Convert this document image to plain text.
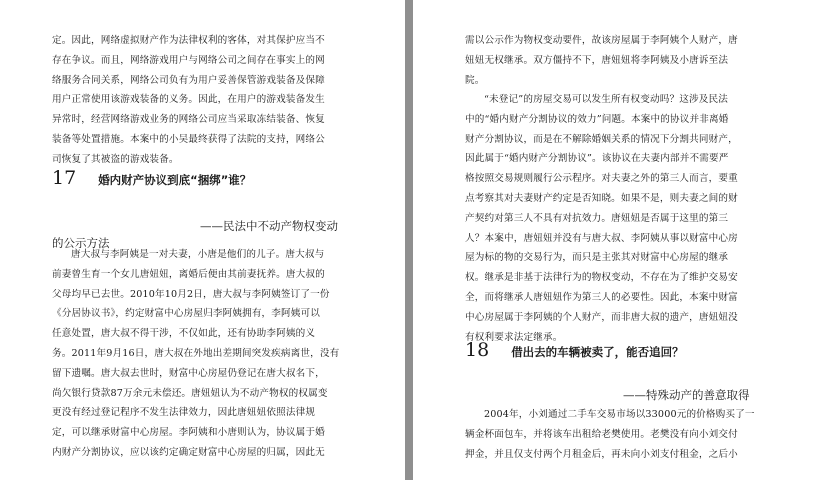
定。因此，网络虚拟财产作为法律权利的客体，对其保护应当不
存在争议。而且，网络游戏用户与网络公司之间存在事实上的网
络服务合同关系，网络公司负有为用户妥善保管游戏装备及保障
用户正常使用该游戏装备的义务。因此，在用户的游戏装备发生
异常时，经营网络游戏业务的网络公司应当采取冻结装备、恢复
装备等处置措施。本案中的小吴最终获得了法院的支持，网络公
司恢复了其被盗的游戏装备。
17 婚内财产协议到底“捆绑”谁？
——民法中不动产物权变动
的公示方法
唐大叔与李阿姨是一对夫妻，小唐是他们的儿子。唐大叔与
前妻曾生育一个女儿唐妞妞，离婚后便由其前妻抚养。唐大叔的
父母均早已去世。2010年10月2日，唐大叔与李阿姨签订了一份
《分居协议书》，约定财富中心房屋归李阿姨拥有，李阿姨可以
任意处置，唐大叔不得干涉，不仅如此，还有协助李阿姨的义
务。2011年9月16日，唐大叔在外地出差期间突发疾病离世，没有
留下遗嘱。唐大叔去世时，财富中心房屋仍登记在唐大叔名下，
尚欠银行贷款87万余元未偿还。唐妞妞认为不动产物权的权属变
更没有经过登记程序不发生法律效力，因此唐妞妞依照法律规
定，可以继承财富中心房屋。李阿姨和小唐则认为，协议属于婚
内财产分割协议，应以该约定确定财富中心房屋的归属，因此无
需以公示作为物权变动要件，故该房屋属于李阿姨个人财产，唐
妞妞无权继承。双方僵持不下，唐妞妞将李阿姨及小唐诉至法
院。
“未登记”的房屋交易可以发生所有权变动吗？这涉及民法
中的“婚内财产分割协议的效力”问题。本案中的协议并非离婚
财产分割协议，而是在不解除婚姻关系的情况下分割共同财产，
因此属于“婚内财产分割协议”。该协议在夫妻内部并不需要严
格按照交易规则履行公示程序。对夫妻之外的第三人而言，要重
点考察其对夫妻财产约定是否知晓。如果不是，则夫妻之间的财
产契约对第三人不具有对抗效力。唐妞妞是否属于这里的第三
人？本案中，唐妞妞并没有与唐大叔、李阿姨从事以财富中心房
屋为标的物的交易行为，而只是主张其对财富中心房屋的继承
权。继承是非基于法律行为的物权变动，不存在为了维护交易安
全，而将继承人唐妞妞作为第三人的必要性。因此，本案中财富
中心房屋属于李阿姨的个人财产，而非唐大叔的遗产，唐妞妞没
有权利要求法定继承。
18 借出去的车辆被卖了，能否追回？
——特殊动产的善意取得
2004年，小刘通过二手车交易市场以33000元的价格购买了一
辆金杯面包车，并将该车出租给老樊使用。老樊没有向小刘交付
押金，并且仅支付两个月租金后，再未向小刘支付租金，之后小
